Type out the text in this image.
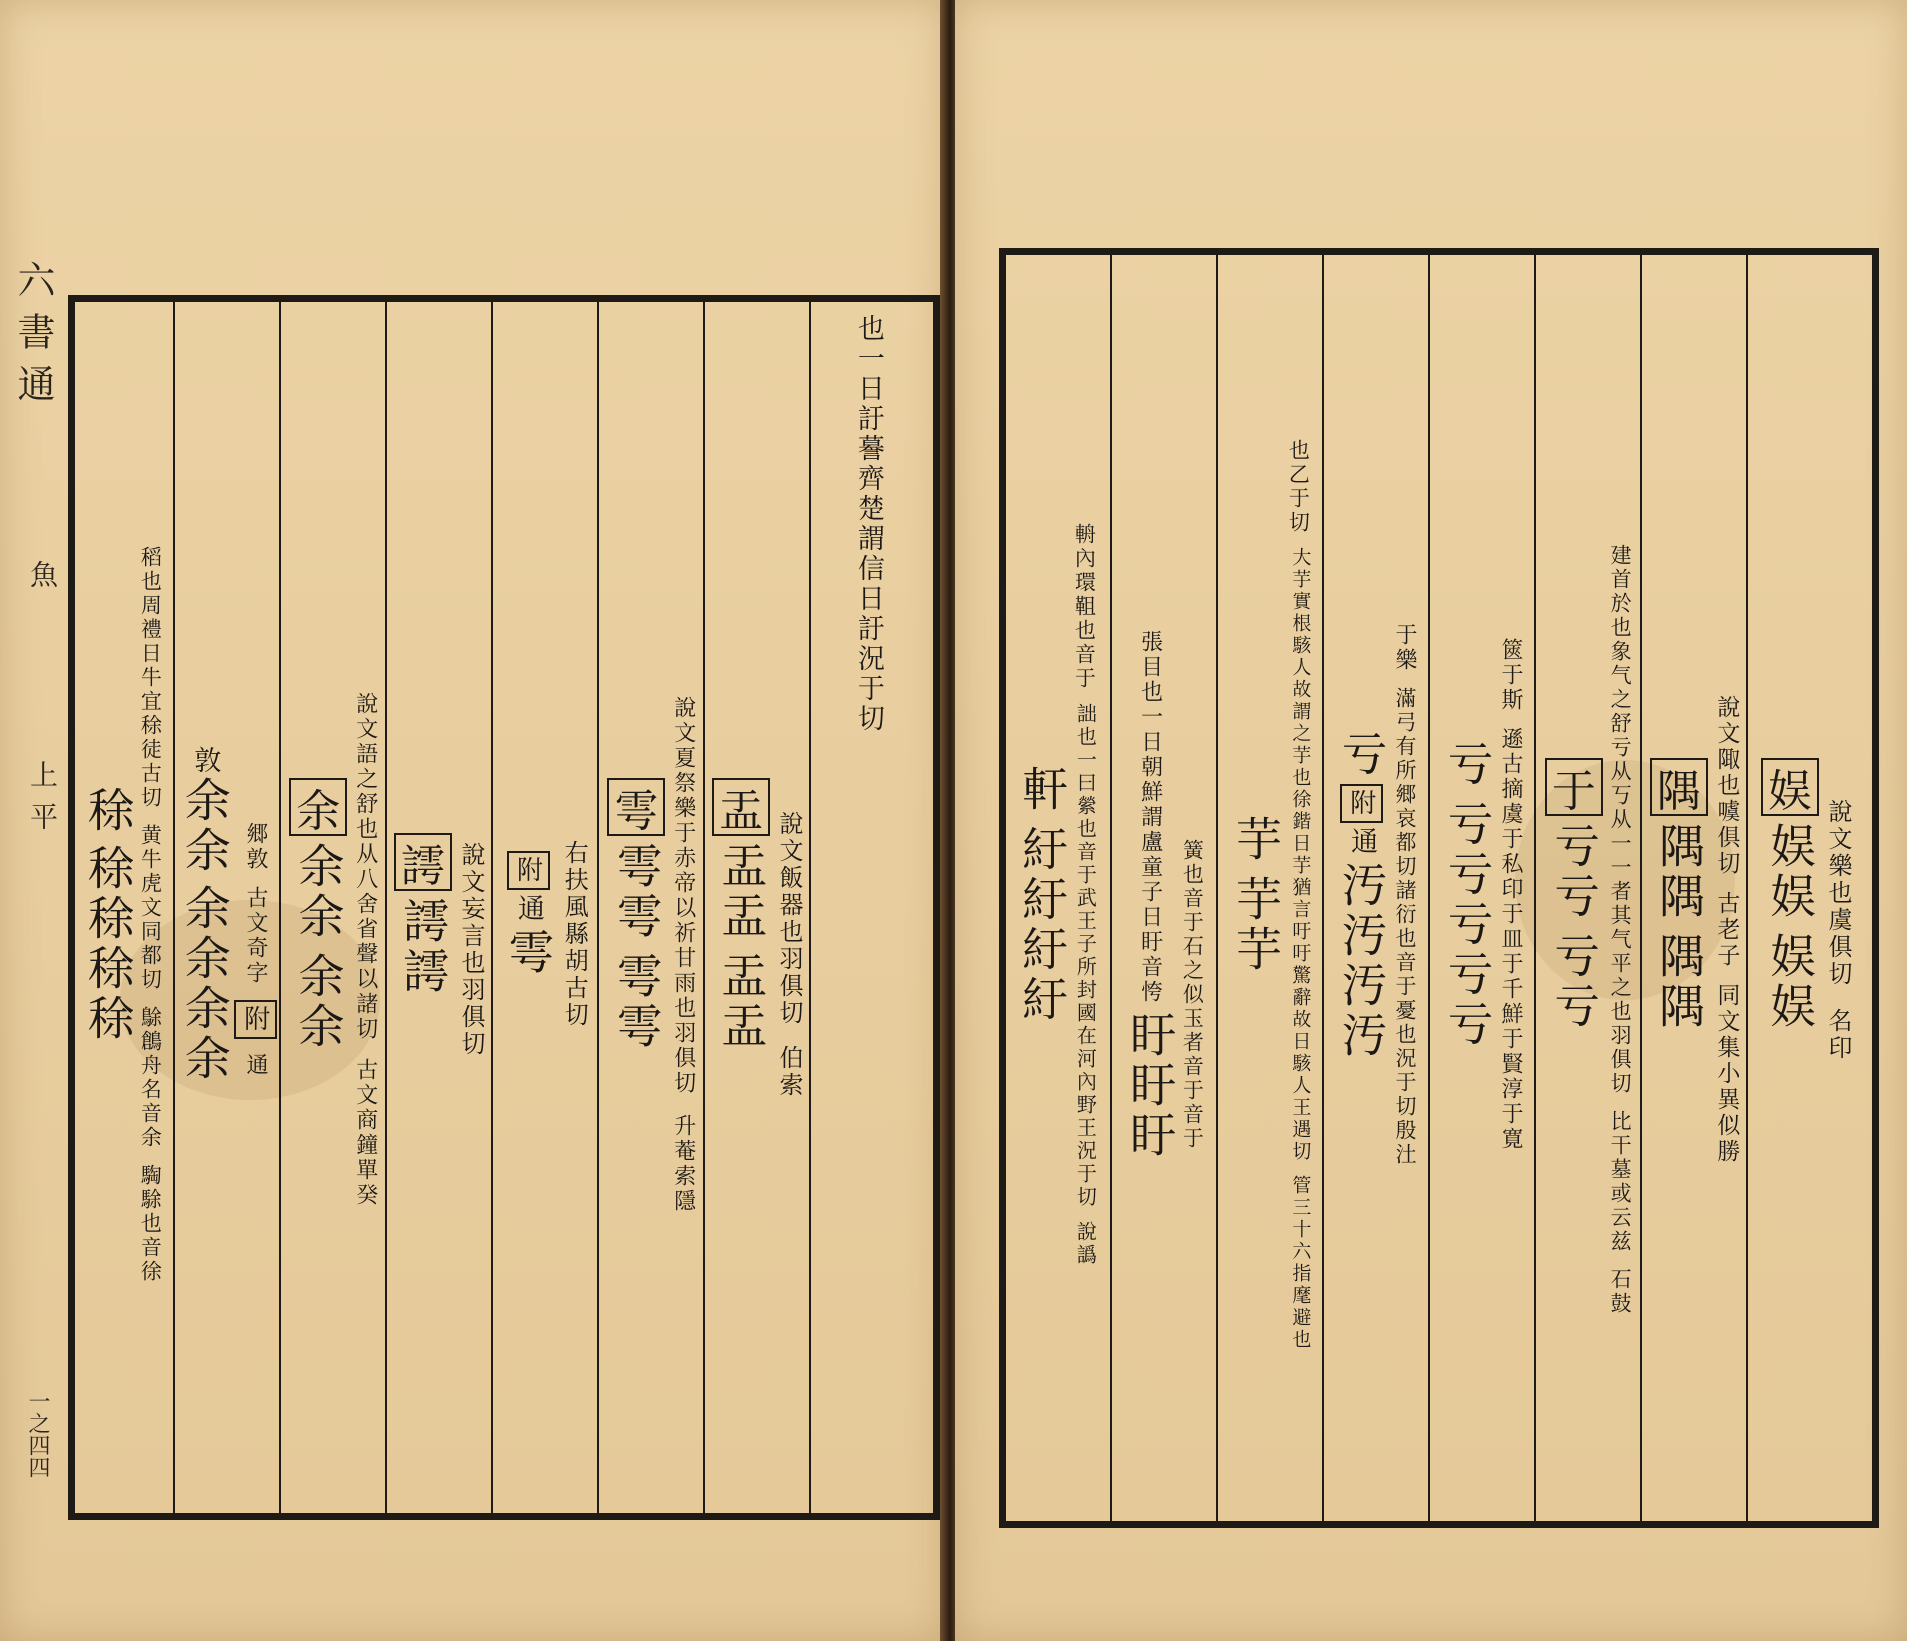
六書通
魚
上平
一之四四
也一日訏謩齊楚謂信日訏況于切
盂
盂盂
盂盂 說文飯器也羽俱切
伯索
雩
雩雩
雩雩 說文夏祭樂于赤帝以祈甘雨也羽俱切
升菴索隱
附
通
雩 右扶風縣胡古切
謣
謣謣 說文妄言也羽俱切
余
余余
余余 說文語之舒也从八舍省聲以諸切
古文商鐘單癸
敦
余余
余余余余
郷敦
古文奇字
附
通
稌
稌稌稌稌
稻也周禮日牛宜稌徒古切
黄牛虎文同都切
鵌鶬舟名音余
騊駼也音徐
娱
娱娱
娱娱 說文樂也虞俱切
名印
隅
隅隅
隅隅
說文陬也噳俱切
古老子
同文集小異似勝
于
亏亏
亏亏 建首於也象气之舒亏从丂从一一者其气平之也羽俱切
比干墓或云兹
石鼓
亏
亏亏亏亏亏
篋于斯
遜古摘虞于私印于皿于千鮮于賢淳于寛
亏
附
通
汚汚汚汚
于樂
滿弓有所郷哀都切諸衍也音于憂也況于切殷汢
芋
芋芋
也乙于切
大芋實根駭人故謂之芋也徐鍇日芋猶言吁吁驚辭故日駭人王遇切
管三十六指麾避也
張目也一日朝鮮謂盧童子日盱音恗
盱盱盱 簧也音于石之似玉者音于音于
軒
紆紆紆紆
輈內環靻也音于
詘也一曰縈也音于武王子所封國在河內野王況于切
說譌
